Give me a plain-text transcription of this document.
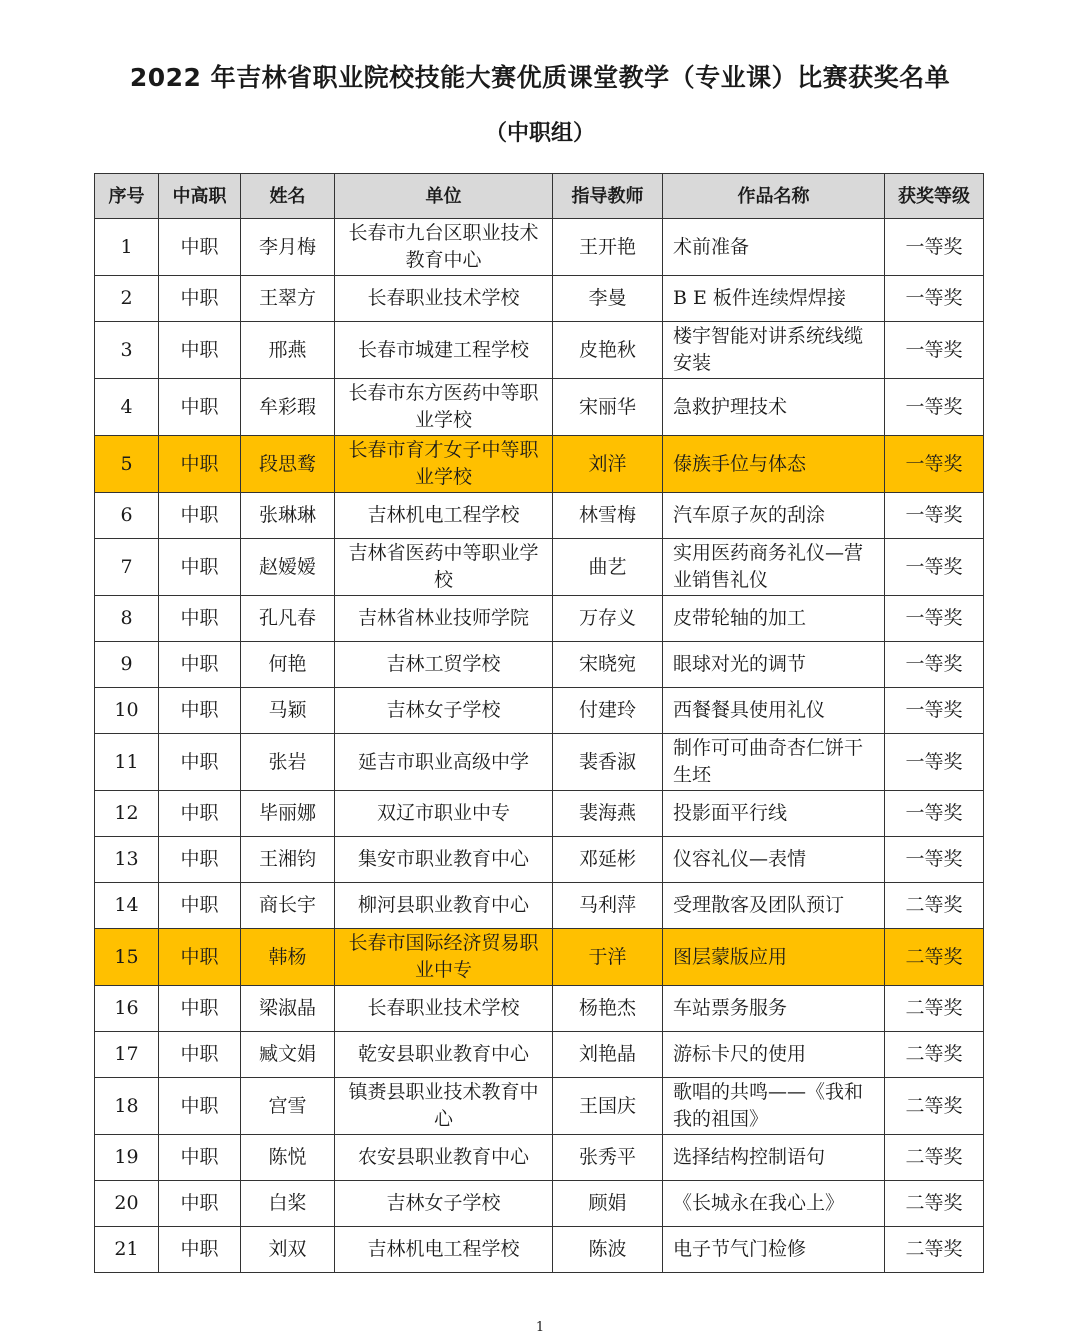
2022 年吉林省职业院校技能大赛优质课堂教学（专业课）比赛获奖名单
（中职组）
序号	中高职	姓名	单位	指导教师	作品名称	获奖等级
1	中职	李月梅	长春市九台区职业技术教育中心	王开艳	术前准备	一等奖
2	中职	王翠方	长春职业技术学校	李曼	B E 板件连续焊焊接	一等奖
3	中职	邢燕	长春市城建工程学校	皮艳秋	楼宇智能对讲系统线缆安装	一等奖
4	中职	牟彩瑕	长春市东方医药中等职业学校	宋丽华	急救护理技术	一等奖
5	中职	段思鹜	长春市育才女子中等职业学校	刘洋	傣族手位与体态	一等奖
6	中职	张琳琳	吉林机电工程学校	林雪梅	汽车原子灰的刮涂	一等奖
7	中职	赵嫒嫒	吉林省医药中等职业学校	曲艺	实用医药商务礼仪—营业销售礼仪	一等奖
8	中职	孔凡春	吉林省林业技师学院	万存义	皮带轮轴的加工	一等奖
9	中职	何艳	吉林工贸学校	宋晓宛	眼球对光的调节	一等奖
10	中职	马颖	吉林女子学校	付建玲	西餐餐具使用礼仪	一等奖
11	中职	张岩	延吉市职业高级中学	裴香淑	制作可可曲奇杏仁饼干生坯	一等奖
12	中职	毕丽娜	双辽市职业中专	裴海燕	投影面平行线	一等奖
13	中职	王湘钧	集安市职业教育中心	邓延彬	仪容礼仪—表情	一等奖
14	中职	商长宇	柳河县职业教育中心	马利萍	受理散客及团队预订	二等奖
15	中职	韩杨	长春市国际经济贸易职业中专	于洋	图层蒙版应用	二等奖
16	中职	梁淑晶	长春职业技术学校	杨艳杰	车站票务服务	二等奖
17	中职	臧文娟	乾安县职业教育中心	刘艳晶	游标卡尺的使用	二等奖
18	中职	宫雪	镇赉县职业技术教育中心	王国庆	歌唱的共鸣——《我和我的祖国》	二等奖
19	中职	陈悦	农安县职业教育中心	张秀平	选择结构控制语句	二等奖
20	中职	白桨	吉林女子学校	顾娟	《长城永在我心上》	二等奖
21	中职	刘双	吉林机电工程学校	陈波	电子节气门检修	二等奖
1
